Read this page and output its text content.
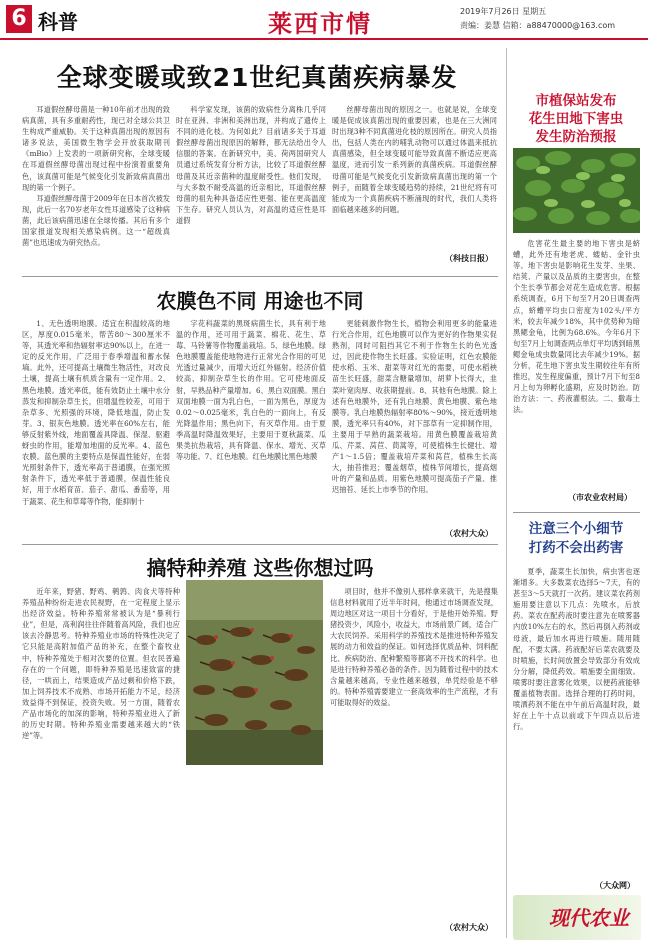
6 科普	莱西市情	2019年7月26日 星期五
责编：姜慧 信箱：a88470000@163.com
全球变暖或致21世纪真菌疾病暴发

耳道假丝酵母菌是一种10年前才出现的致病真菌，具有多重耐药性，现已对全球公共卫生构成严重威胁。关于这种真菌出现的原因有诸多说法，美国微生物学会开放获取期刊《mBio》上发表的一项新研究称，全球变暖在耳道假丝酵母菌出现过程中扮演着重要角色，该真菌可能是气候变化引发新致病真菌出现的第一个例子。

耳道假丝酵母菌于2009年在日本首次被发现，此后一名70岁老年女性耳道感染了这种病菌，此后该病菌迅速在全球传播。其后有多个国家报道发现相关感染病例。这一“超级真菌”也迅速成为研究热点。

科学家发现，该菌的致病性分离株几乎同时在亚洲、非洲和美洲出现，并构成了遗传上不同的进化枝。为何如此？目前诸多关于耳道假丝酵母菌出现原因的解释，都无法给出令人信服的答案。在新研究中，美、荷两国研究人员通过系统发育分析方法，比较了耳道假丝酵母菌及其近亲菌种的温度耐受性。他们发现，与大多数不耐受高温的近亲相比，耳道假丝酵母菌的祖先种具备适应性更强、能在更高温度下生存。研究人员认为，对高温的适应性是耳道假

丝酵母菌出现的原因之一。也就是说，全球变暖是促成该真菌出现的重要因素，也是在三大洲同时出现3种不同真菌进化枝的原因所在。研究人员指出，包括人类在内的哺乳动物可以通过体温来抵抗真菌感染，但全球变暖可能导致真菌不断适应更高温度，进而引发一系列新的真菌疾病。耳道假丝酵母菌可能是气候变化引发新致病真菌出现的第一个例子，而随着全球变暖趋势的持续，21世纪将有可能成为一个真菌疾病不断涌现的时代，我们人类将面临越来越多的问题。

（科技日报）
农膜色不同 用途也不同

1、无色透明地膜。适宜在积温较高的地区，厚度0.015毫米，帮苦80～300厘米不等，其透光率和热辐射率达90%以上，在进一定的反光作用，广泛用于春季增温和蓄水保墒。此外，还可提高土壤微生物活性，对改良土壤，提高土壤有机质含量有一定作用。2、黑色地膜。透光率低，能有效防止土壤中水分蒸发和抑制杂草生长，但增温性较差，可用于杂草多、光照强的环境，降低地温，防止发芽。3、银灰色地膜。透光率在60%左右，能够反射紫外线，地面覆盖具降温、保湿、驱避蚜虫的作用，能增加地面的反光率。4、蓝色农膜。蓝色膜的主要特点是保温性能好，在弱光照射条件下，透光率高于普通膜，在强光照射条件下，透光率低于普通膜，保温性能良好，用于水稻育苗、茄子、甜瓜、番茄等，用于蔬菜、花生和草莓等作物，能抑制十

字花科蔬菜的黑斑病菌生长，具有利于地温的作用，还可用于蔬菜、棉花、花生、草莓、马铃薯等作物覆盖栽培。5、绿色地膜。绿色地膜覆盖能使地物进行正常光合作用的可见光透过量减少，而增大近红外辐射。经济价值较高、抑制杂草生长的作用。它可使地面反射，早熟品种产量增加。6、黑白双面膜。黑白双面地膜一面为乳白色，一面为黑色，厚度为0.02～0.025毫米，乳白色的一面向上，有反光降温作用；黑色向下，有灭草作用。由于夏季高温时降温效果好，主要用于夏秋蔬菜、瓜果类抗热栽培，具有降温、保水、增光、灭草等功能。7、红色地膜。红色地膜比黑色地膜

更能刺激作物生长，植物会利用更多的能量进行光合作用，红色地膜可以作为更好的作物果实促熟剂，同时可阻挡其它不利于作物生长的色光透过，因此使作物生长旺盛。实验证明，红色农膜能使水稻、玉米、甜菜等对红光的需要，可使水稻秧苗生长旺盛，甜菜含糖量增加，胡萝卜长得大，韭菜叶宽肉厚、收获期提前。8、其他有色地膜。除上述有色地膜外，还有乳白地膜、黄色地膜、紫色地膜等。乳白地膜热辐射率80%～90%，接近透明地膜，透光率只有40%，对下部草有一定抑制作用，主要用于早熟的蔬菜栽培。用黄色膜覆盖栽培黄瓜、芹菜、莴苣、茼蒿等，可使植株生长健壮、增产1～1.5倍；覆盖栽培芹菜和莴苣，植株生长高大，抽苔推迟；覆盖烟草，植株节间增长，提高烟叶的产量和品质。用紫色地膜可提高茄子产量、推迟抽苔、延长上市季节的作用。

（农村大众）
搞特种养殖 这些你想过吗

近年来，野猪、野鸡、鹌鹑、肉食犬等特种养殖品种纷纷走进农民视野，在一定程度上显示出经济效益。特种养殖常常被认为是“暴利行业”，但是，高利润往往伴随着高风险，我们也应该去冷静思考。特种养殖业市场的特殊性决定了它只能是高附加值产品的补充，在整个畜牧业中，特种养殖处于相对次要的位置。但农民普遍存在的一个问题，即特种养殖是迅速致富的捷径，一哄而上，结果造成产品过剩和价格下跌，加上饲养技术不成熟、市场开拓能力不足，经济效益得不到保证，投资失败。另一方面，随着农产品市场化的加深的影响，特种养殖业进入了新的历史时期。特种养殖业需要越来越大的“铁逆”等。

项目时，他并不像别人那样拿来就干，先是搜集信息材料就用了近半年时间，他通过市场调查发现，周边地区对这一项目十分看好，于是他开始养殖。野猪投资少，风险小，收益大，市场前景广阔，适合广大农民饲养。采用科学的养殖技术是推进特种养殖发展的动力和效益的保证。如何选择优质品种、饲料配比、疾病防治、配种繁殖等都离不开技术的科学。也是进行特种养殖必备的条件。因为随着过程中的技术含量越来越高，专业性越来越强，单凭经验是不够的。特种养殖需要建立一套高效率的生产流程，才有可能取得好的效益。

（农村大众）
市植保站发布
花生田地下害虫
发生防治预报

危害花生最主要的地下害虫是蛴螬，此外还有地老虎、蝼蛄、金针虫等。地下害虫是影响花生发芽、坐果、结荚、产量以及品质的主要害虫，在整个生长季节都会对花生造成危害。根据系统调查，6月下旬至7月20日调查两点，蛴螬平均虫口密度为102头/平方米，较去年减少18%，其中优势种为暗黑鳃金龟，比例为68.6%。今年6月下旬至7月上旬调查两点单灯平均诱到暗黑鳃金龟成虫数量同比去年减少19%。据分析，花生地下害虫发生期较往年有所推迟，发生程度偏重，预计7月下旬至8月上旬为卵孵化盛期，应及时防治。防治方法：一、药液灌根法。二、撒毒土法。

（市农业农村局）
注意三个小细节
打药不会出药害

夏季，蔬菜生长加快，病虫害也逐渐增多。大多数菜农选择5～7天，有的甚至3～5天就打一次药。建议菜农药剂施用要注意以下几点：先喷水，后放药。菜农在配药液时要注意先在喷雾器内放10%左右的水，然后再倒入药剂或母液，最后加水再进行喷施。随用随配，不要太满。药液配好后菜农就要及时喷施，长时间放置会导致部分有效成分分解，降低药效。喷施要全面细致。喷雾时要注意雾化效果，以便药液能够覆盖植物表面。选择合理的打药时间，喷洒药剂不能在中午前后高温时段，最好在上午十点以前或下午四点以后进行。

（大众网）
现代农业
